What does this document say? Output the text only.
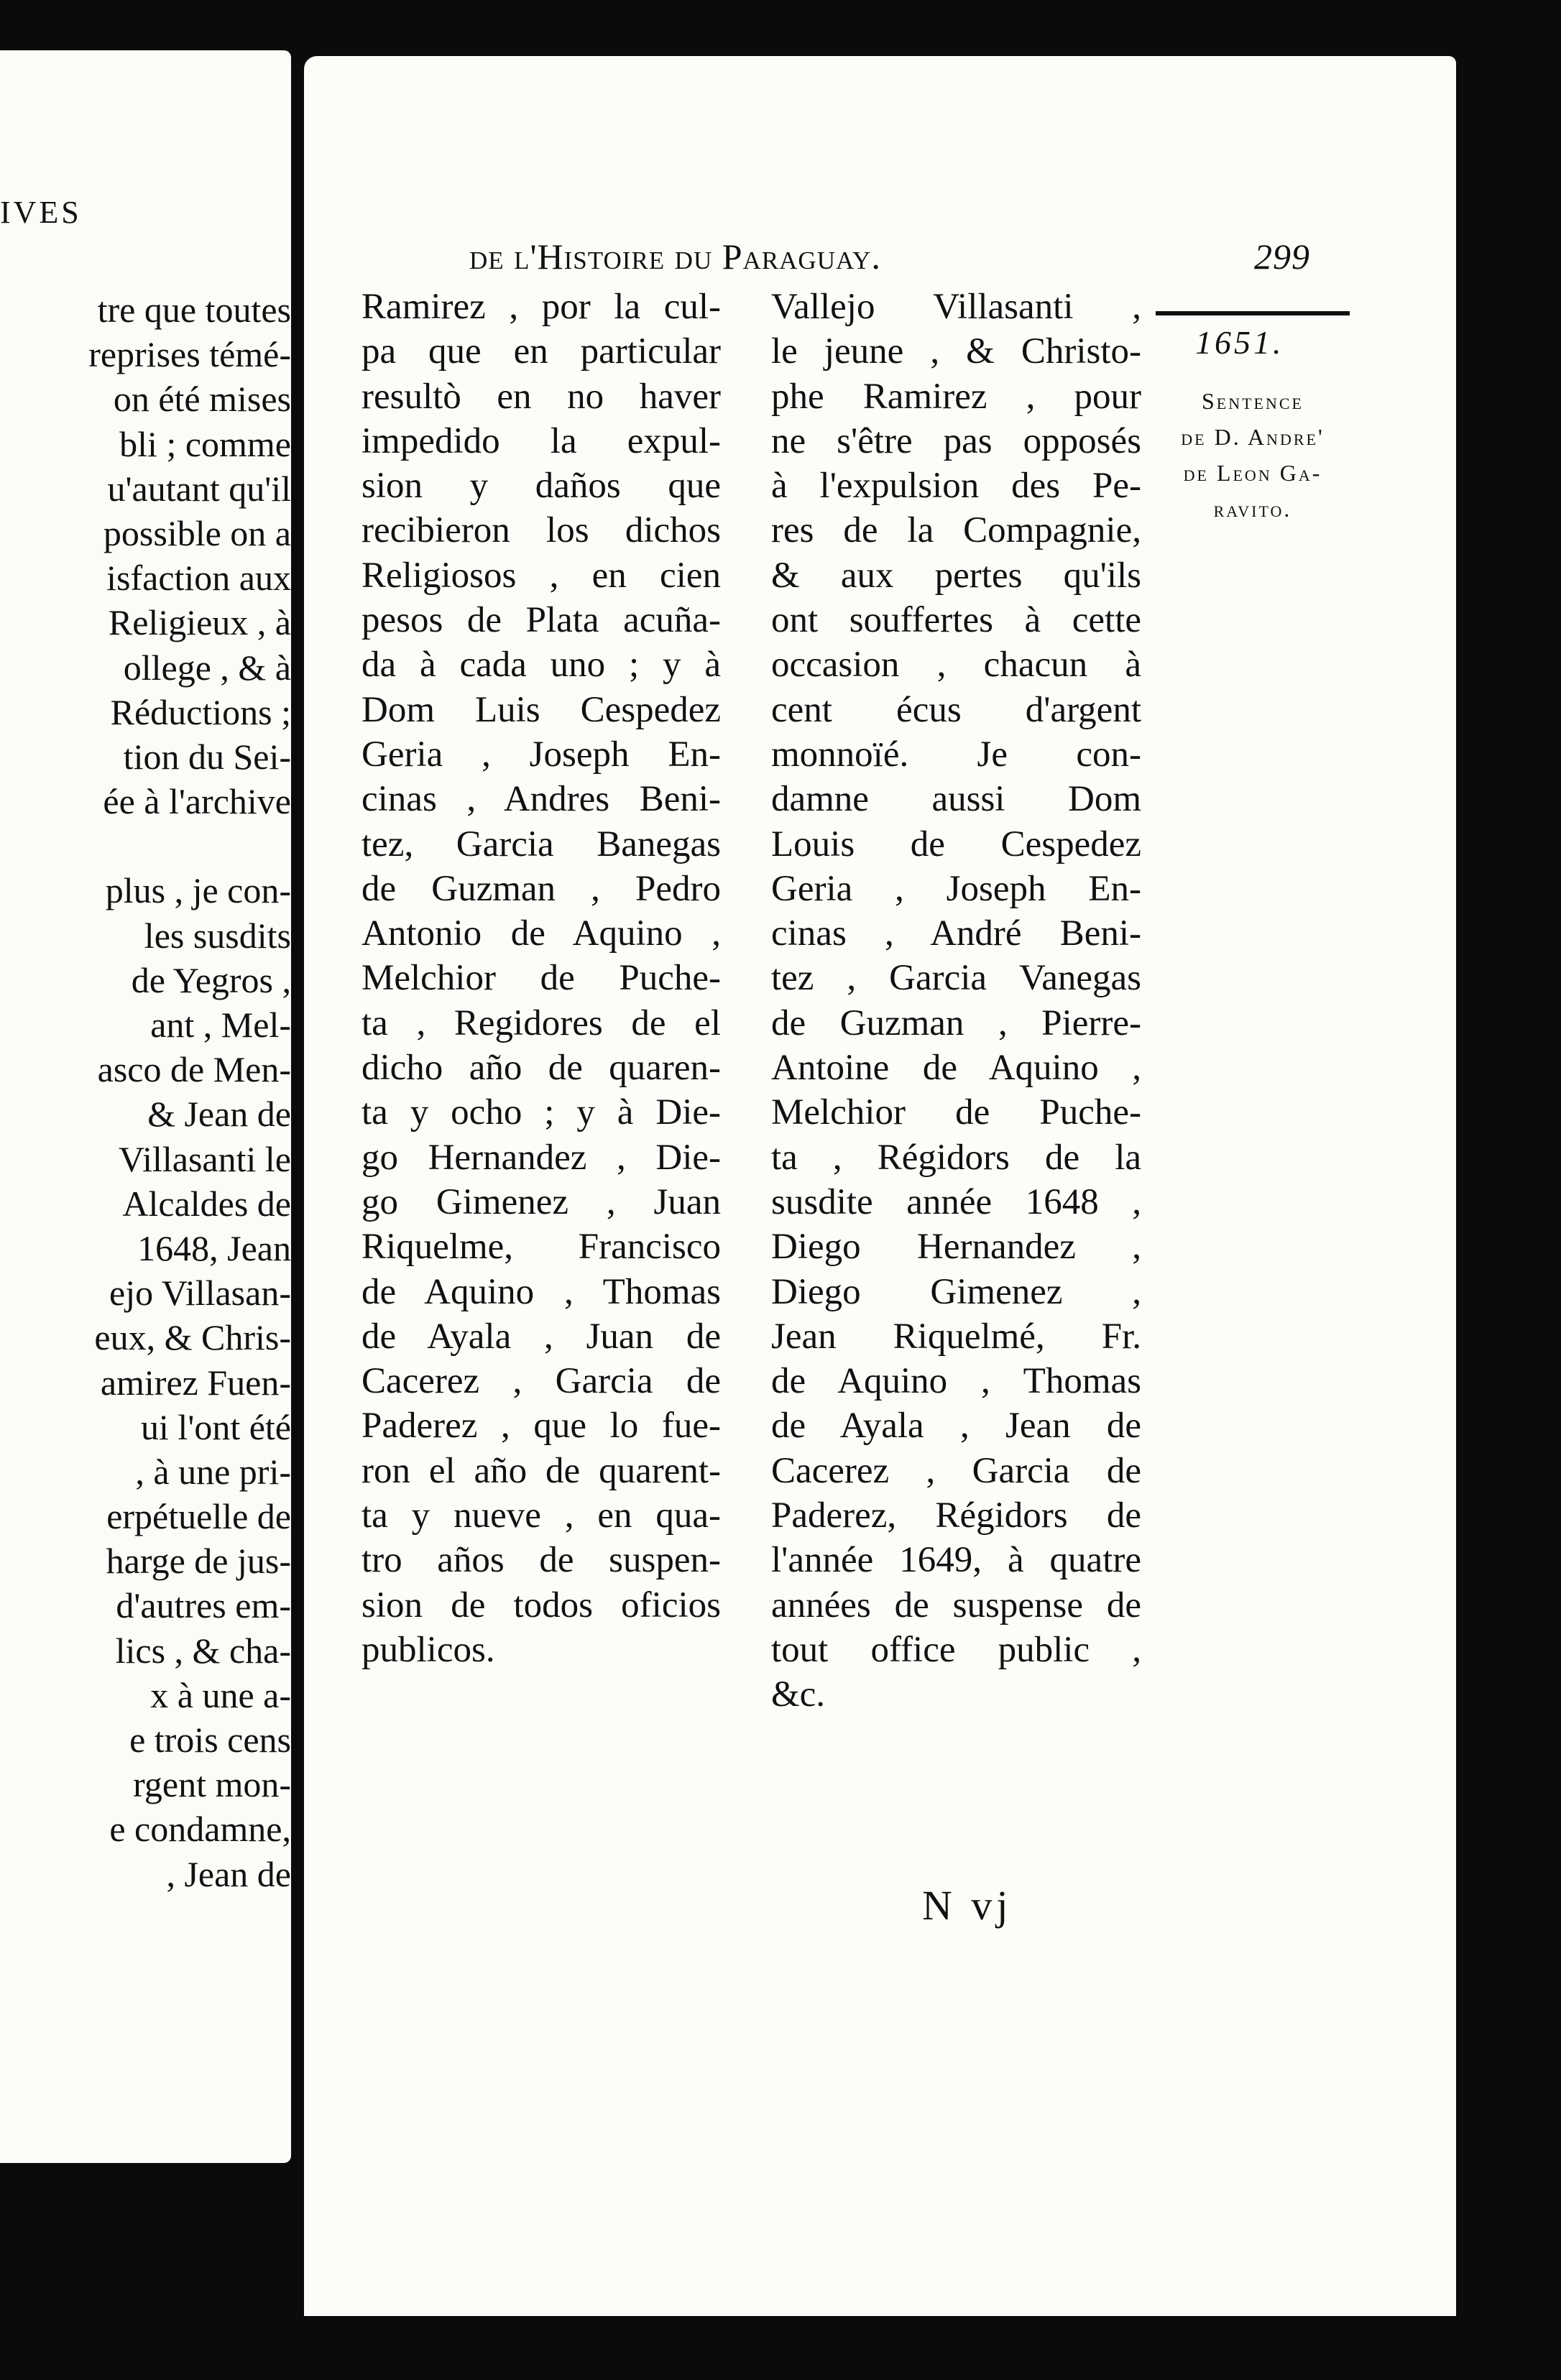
IVES
tre que toutes
reprises témé-
on été mises
bli ; comme
u'autant qu'il
possible on a
isfaction aux
Religieux , à
ollege , & à
Réductions ;
tion du Sei-
ée à l'archive
plus , je con-
les susdits
de Yegros ,
ant , Mel-
asco de Men-
& Jean de
Villasanti le
Alcaldes de
1648, Jean
ejo Villasan-
eux, & Chris-
amirez Fuen-
ui l'ont été
, à une pri-
erpétuelle de
harge de jus-
d'autres em-
lics , & cha-
x à une a-
e trois cens
rgent mon-
e condamne,
, Jean de
de l'Histoire du Paraguay.	299
Ramirez , por la cul-
pa que en particular
resultò en no haver
impedido la expul-
sion y daños que
recibieron los dichos
Religiosos , en cien
pesos de Plata acuña-
da à cada uno ; y à
Dom Luis Cespedez
Geria , Joseph En-
cinas , Andres Beni-
tez, Garcia Banegas
de Guzman , Pedro
Antonio de Aquino ,
Melchior de Puche-
ta , Regidores de el
dicho año de quaren-
ta y ocho ; y à Die-
go Hernandez , Die-
go Gimenez , Juan
Riquelme, Francisco
de Aquino , Thomas
de Ayala , Juan de
Cacerez , Garcia de
Paderez , que lo fue-
ron el año de quarent-
ta y nueve , en qua-
tro años de suspen-
sion de todos oficios
publicos.
Vallejo Villasanti ,
le jeune , & Christo-
phe Ramirez , pour
ne s'être pas opposés
à l'expulsion des Pe-
res de la Compagnie,
& aux pertes qu'ils
ont souffertes à cette
occasion , chacun à
cent écus d'argent
monnoïé. Je con-
damne aussi Dom
Louis de Cespedez
Geria , Joseph En-
cinas , André Beni-
tez , Garcia Vanegas
de Guzman , Pierre-
Antoine de Aquino ,
Melchior de Puche-
ta , Régidors de la
susdite année 1648 ,
Diego Hernandez ,
Diego Gimenez ,
Jean Riquelmé, Fr.
de Aquino , Thomas
de Ayala , Jean de
Cacerez , Garcia de
Paderez, Régidors de
l'année 1649, à quatre
années de suspense de
tout office public ,
&c.
1651.
Sentence
de D. Andre'
de Leon Ga-
ravito.
N vj
